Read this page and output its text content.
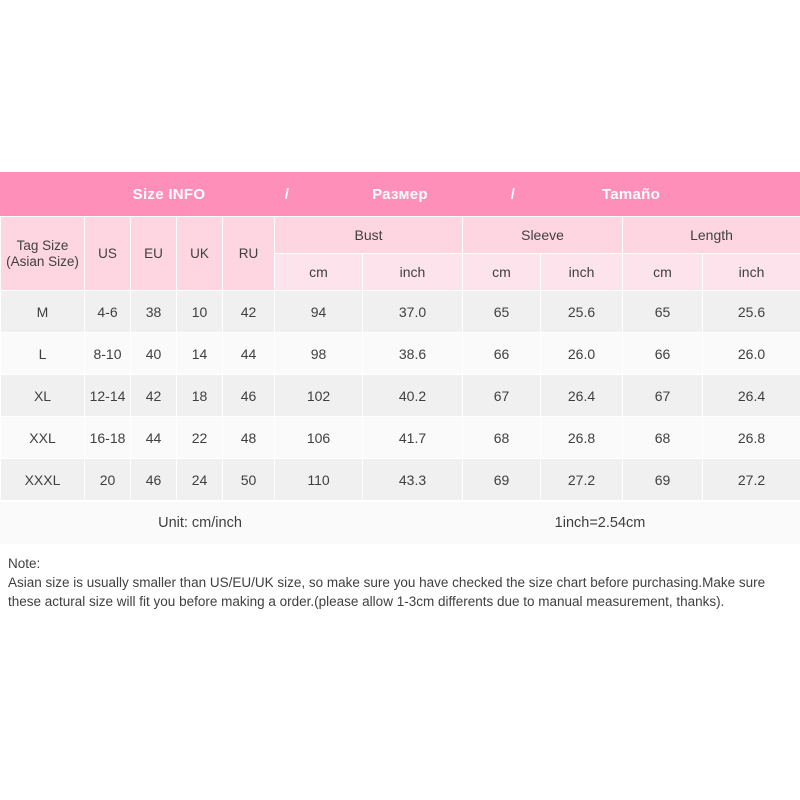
Size INFO	/	Размер	/	Tamaño
Tag Size
(Asian Size)	US	EU	UK	RU	Bust		Sleeve		Length	
					cm	inch	cm	inch	cm	inch
M	4-6	38	10	42	94	37.0	65	25.6	65	25.6
L	8-10	40	14	44	98	38.6	66	26.0	66	26.0
XL	12-14	42	18	46	102	40.2	67	26.4	67	26.4
XXL	16-18	44	22	48	106	41.7	68	26.8	68	26.8
XXXL	20	46	24	50	110	43.3	69	27.2	69	27.2
Unit: cm/inch	1inch=2.54cm
Note:

Asian size is usually smaller than US/EU/UK size, so make sure you have checked the size chart before purchasing.Make sure

these actural size will fit you before making a order.(please allow 1-3cm differents due to manual measurement, thanks).
